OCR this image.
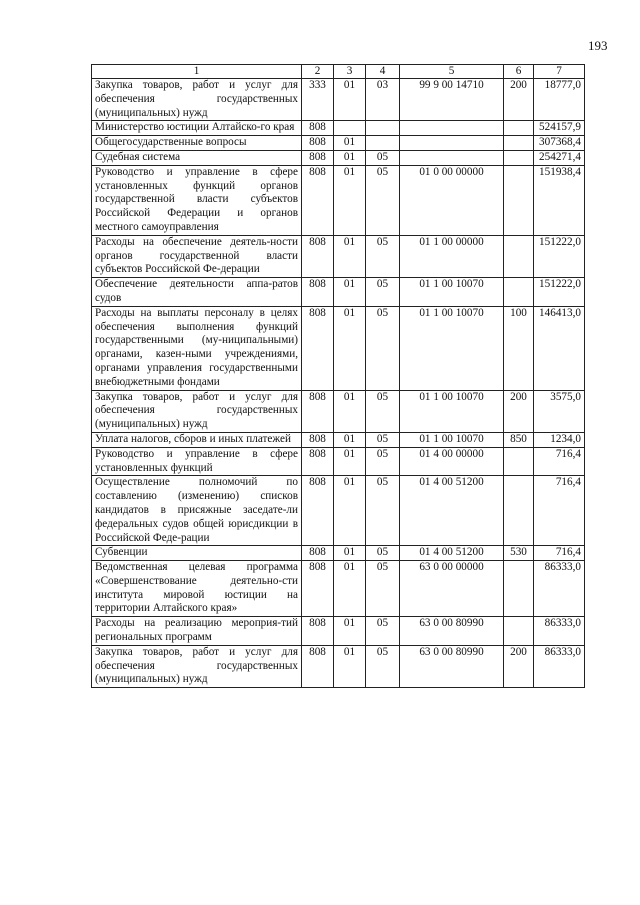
193
1	2	3	4	5	6	7
Закупка товаров, работ и услуг для обеспечения государственных (муниципальных) нужд	333	01	03	99 9 00 14710	200	18777,0
Министерство юстиции Алтайско-го края	808					524157,9
Общегосударственные вопросы	808	01				307368,4
Судебная система	808	01	05			254271,4
Руководство и управление в сфере установленных функций органов государственной власти субъектов Российской Федерации и органов местного самоуправления	808	01	05	01 0 00 00000		151938,4
Расходы на обеспечение деятель-ности органов государственной власти субъектов Российской Фе-дерации	808	01	05	01 1 00 00000		151222,0
Обеспечение деятельности аппа-ратов судов	808	01	05	01 1 00 10070		151222,0
Расходы на выплаты персоналу в целях обеспечения выполнения функций государственными (му-ниципальными) органами, казен-ными учреждениями, органами управления государственными внебюджетными фондами	808	01	05	01 1 00 10070	100	146413,0
Закупка товаров, работ и услуг для обеспечения государственных (муниципальных) нужд	808	01	05	01 1 00 10070	200	3575,0
Уплата налогов, сборов и иных платежей	808	01	05	01 1 00 10070	850	1234,0
Руководство и управление в сфере установленных функций	808	01	05	01 4 00 00000		716,4
Осуществление полномочий по составлению (изменению) списков кандидатов в присяжные заседате-ли федеральных судов общей юрисдикции в Российской Феде-рации	808	01	05	01 4 00 51200		716,4
Субвенции	808	01	05	01 4 00 51200	530	716,4
Ведомственная целевая программа «Совершенствование деятельно-сти института мировой юстиции на территории Алтайского края»	808	01	05	63 0 00 00000		86333,0
Расходы на реализацию мероприя-тий региональных программ	808	01	05	63 0 00 80990		86333,0
Закупка товаров, работ и услуг для обеспечения государственных (муниципальных) нужд	808	01	05	63 0 00 80990	200	86333,0
